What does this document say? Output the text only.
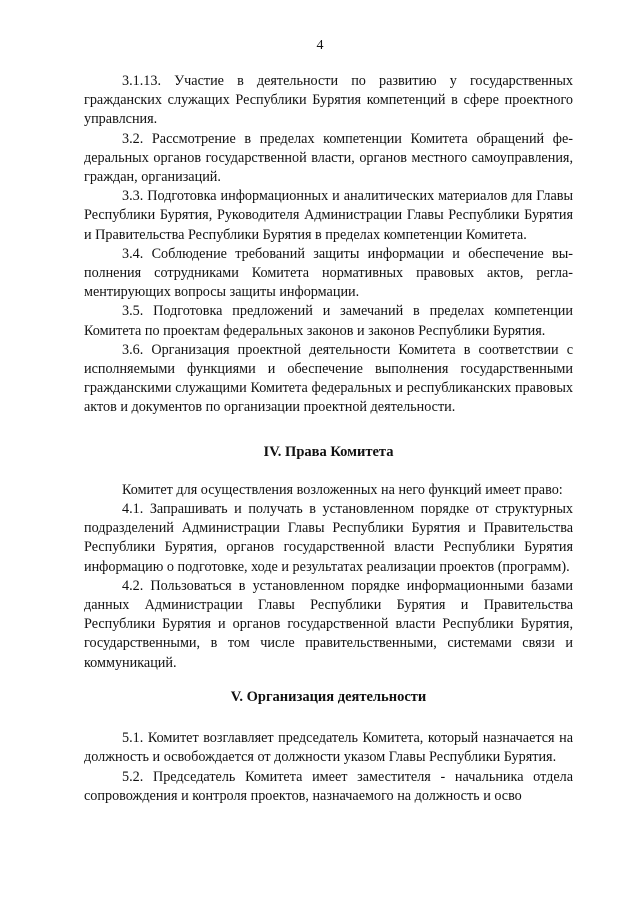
4

3.1.13. Участие в деятельности по развитию у государственных гражданских служащих Республики Бурятия компетенций в сфере проектного управлсния.

3.2. Рассмотрение в пределах компетенции Комитета обращений федеральных органов государственной власти, органов местного самоуправления, граждан, организаций.

3.3. Подготовка информационных и аналитических материалов для Главы Республики Бурятия, Руководителя Администрации Главы Республики Бурятия и Правительства Республики Бурятия в пределах компетенции Комитета.

3.4. Соблюдение требований защиты информации и обеспечение выполнения сотрудниками Комитета нормативных правовых актов, регламентирующих вопросы защиты информации.

3.5. Подготовка предложений и замечаний в пределах компетенции Комитета по проектам федеральных законов и законов Республики Бурятия.

3.6. Организация проектной деятельности Комитета в соответствии с исполняемыми функциями и обеспечение выполнения государственными гражданскими служащими Комитета федеральных и республиканских правовых актов и документов по организации проектной деятельности.

IV. Права Комитета

Комитет для осуществления возложенных на него функций имеет право:

4.1. Запрашивать и получать в установленном порядке от структурных подразделений Администрации Главы Республики Бурятия и Правительства Республики Бурятия, органов государственной власти Республики Бурятия информацию о подготовке, ходе и результатах реализации проектов (программ).

4.2. Пользоваться в установленном порядке информационными базами данных Администрации Главы Республики Бурятия и Правительства Республики Бурятия и органов государственной власти Республики Бурятия, государственными, в том числе правительственными, системами связи и коммуникаций.

V. Организация деятельности

5.1. Комитет возглавляет председатель Комитета, который назначается на должность и освобождается от должности указом Главы Республики Бурятия.

5.2. Председатель Комитета имеет заместителя - начальника отдела сопровождения и контроля проектов, назначаемого на должность и осво
